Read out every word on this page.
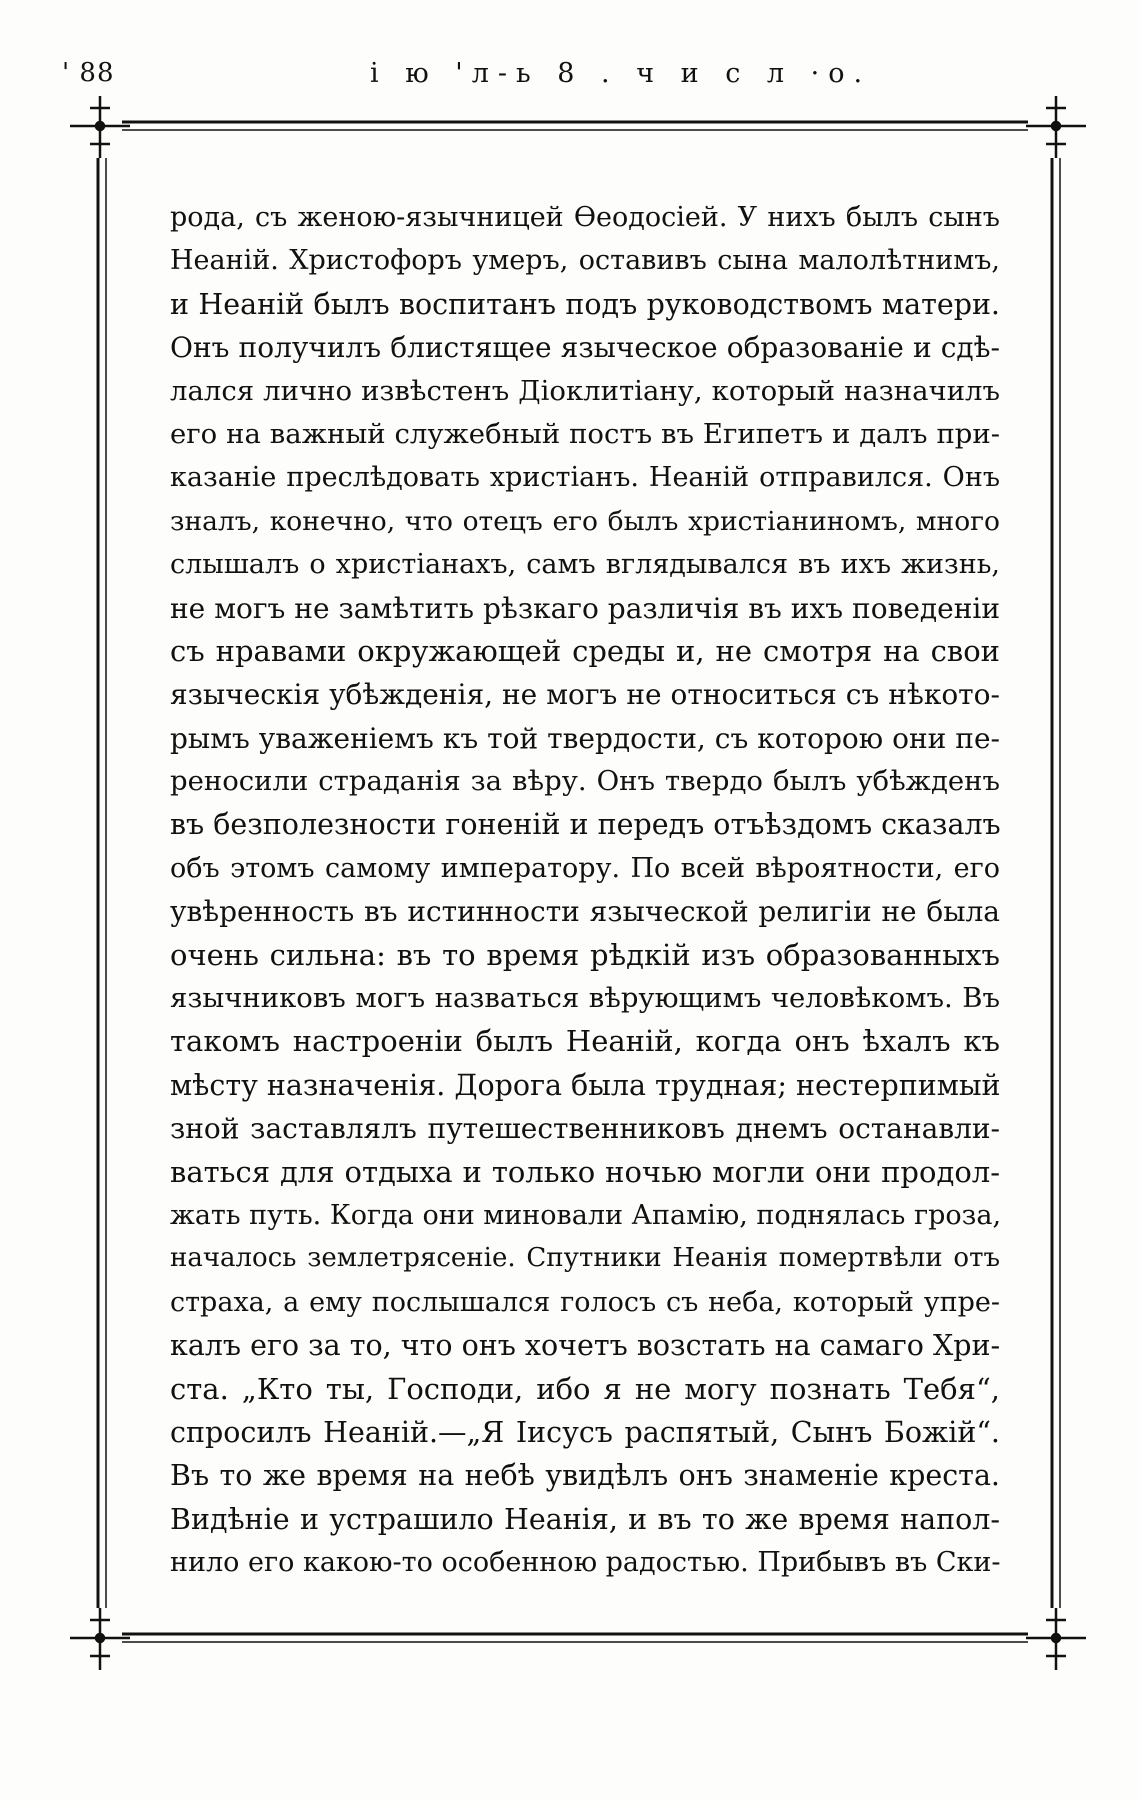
' 88	і ю 'л-ь 8 . ч и с л ·о.
рода, съ женою-язычницей Ѳеодосіей. У нихъ былъ сынъ
Неаній. Христофоръ умеръ, оставивъ сына малолѣтнимъ,
и Неаній былъ воспитанъ подъ руководствомъ матери.
Онъ получилъ блистящее языческое образованіе и сдѣ-
лался лично извѣстенъ Діоклитіану, который назначилъ
его на важный служебный постъ въ Египетъ и далъ при-
казаніе преслѣдовать христіанъ. Неаній отправился. Онъ
зналъ, конечно, что отецъ его былъ христіаниномъ, много
слышалъ о христіанахъ, самъ вглядывался въ ихъ жизнь,
не могъ не замѣтить рѣзкаго различія въ ихъ поведеніи
съ нравами окружающей среды и, не смотря на свои
языческія убѣжденія, не могъ не относиться съ нѣкото-
рымъ уваженіемъ къ той твердости, съ которою они пе-
реносили страданія за вѣру. Онъ твердо былъ убѣжденъ
въ безполезности гоненій и передъ отъѣздомъ сказалъ
объ этомъ самому императору. По всей вѣроятности, его
увѣренность въ истинности языческой религіи не была
очень сильна: въ то время рѣдкій изъ образованныхъ
язычниковъ могъ назваться вѣрующимъ человѣкомъ. Въ
такомъ настроеніи былъ Неаній, когда онъ ѣхалъ къ
мѣсту назначенія. Дорога была трудная; нестерпимый
зной заставлялъ путешественниковъ днемъ останавли-
ваться для отдыха и только ночью могли они продол-
жать путь. Когда они миновали Апамію, поднялась гроза,
началось землетрясеніе. Спутники Неанія помертвѣли отъ
страха, а ему послышался голосъ съ неба, который упре-
калъ его за то, что онъ хочетъ возстать на самаго Хри-
ста. „Кто ты, Господи, ибо я не могу познать Тебя“,
спросилъ Неаній.—„Я Іисусъ распятый, Сынъ Божій“.
Въ то же время на небѣ увидѣлъ онъ знаменіе креста.
Видѣніе и устрашило Неанія, и въ то же время напол-
нило его какою-то особенною радостью. Прибывъ въ Ски-
